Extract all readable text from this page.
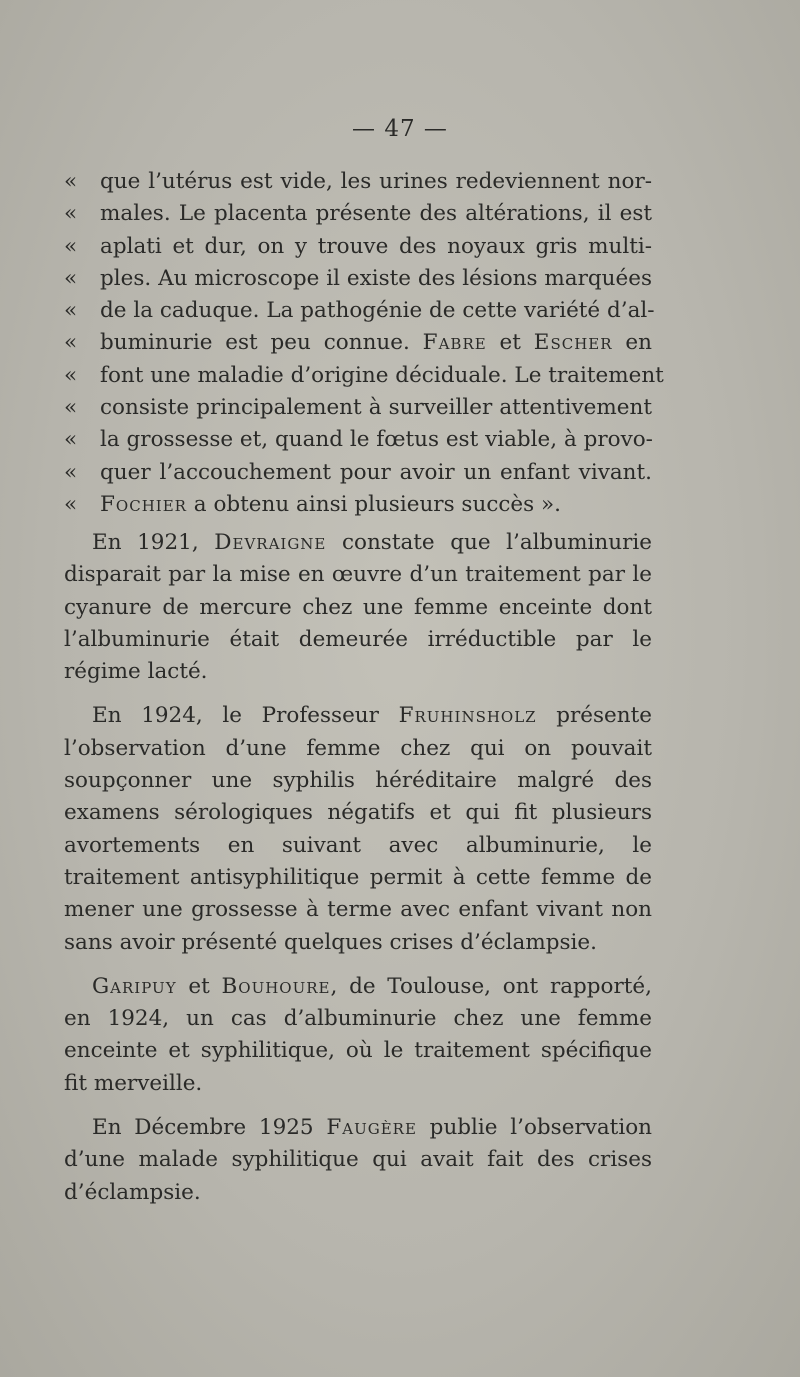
— 47 —
« que l’utérus est vide, les urines redeviennent nor-
« males. Le placenta présente des altérations, il est
« aplati et dur, on y trouve des noyaux gris multi-
« ples. Au microscope il existe des lésions marquées
« de la caduque. La pathogénie de cette variété d’al-
« buminurie est peu connue. Fabre et Escher en
« font une maladie d’origine déciduale. Le traitement
« consiste principalement à surveiller attentivement
« la grossesse et, quand le fœtus est viable, à provo-
« quer l’accouchement pour avoir un enfant vivant.
« Fochier a obtenu ainsi plusieurs succès ».

En 1921, Devraigne constate que l’albuminurie disparait par la mise en œuvre d’un traitement par le cyanure de mercure chez une femme enceinte dont l’albuminurie était demeurée irréductible par le régime lacté.

En 1924, le Professeur Fruhinsholz présente l’observation d’une femme chez qui on pouvait soupçonner une syphilis héréditaire malgré des examens sérologiques négatifs et qui fit plusieurs avortements en suivant avec albuminurie, le traitement antisyphilitique permit à cette femme de mener une grossesse à terme avec enfant vivant non sans avoir présenté quelques crises d’éclampsie.

Garipuy et Bouhoure, de Toulouse, ont rapporté, en 1924, un cas d’albuminurie chez une femme enceinte et syphilitique, où le traitement spécifique fit merveille.

En Décembre 1925 Faugère publie l’observation d’une malade syphilitique qui avait fait des crises d’éclampsie.
